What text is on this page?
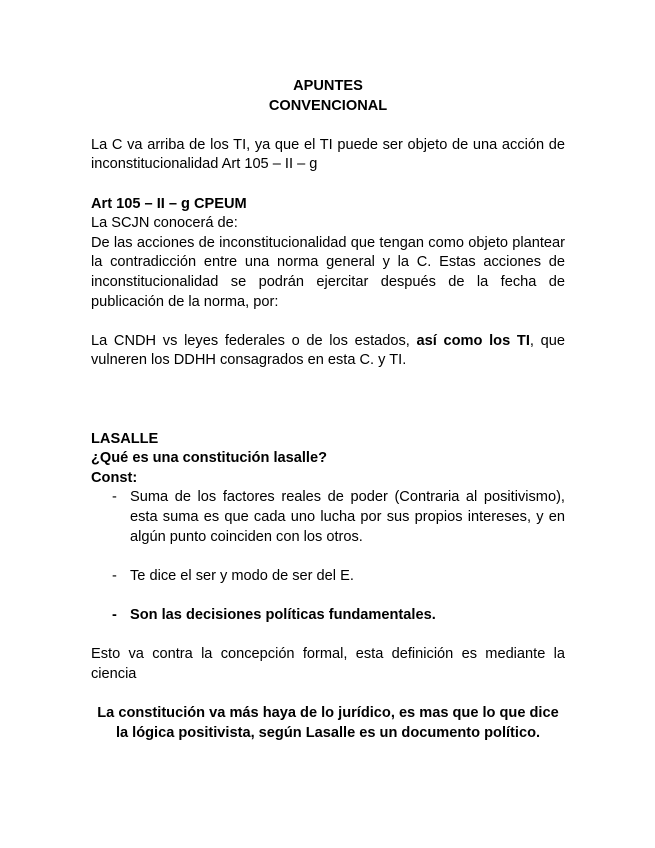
APUNTES

CONVENCIONAL

La C va arriba de los TI, ya que el TI puede ser objeto de una acción de inconstitucionalidad Art 105 – II – g

Art 105 – II – g CPEUM

La SCJN conocerá de:

De las acciones de inconstitucionalidad que tengan como objeto plantear la contradicción entre una norma general y la C. Estas acciones de inconstitucionalidad se podrán ejercitar después de la fecha de publicación de la norma, por:

La CNDH vs leyes federales o de los estados, así como los TI, que vulneren los DDHH consagrados en esta C. y TI.

LASALLE

¿Qué es una constitución lasalle?

Const:

- Suma de los factores reales de poder (Contraria al positivismo), esta suma es que cada uno lucha por sus propios intereses, y en algún punto coinciden con los otros.
- Te dice el ser y modo de ser del E.
- Son las decisiones políticas fundamentales.

Esto va contra la concepción formal, esta definición es mediante la ciencia

La constitución va más haya de lo jurídico, es mas que lo que dice la lógica positivista, según Lasalle es un documento político.
